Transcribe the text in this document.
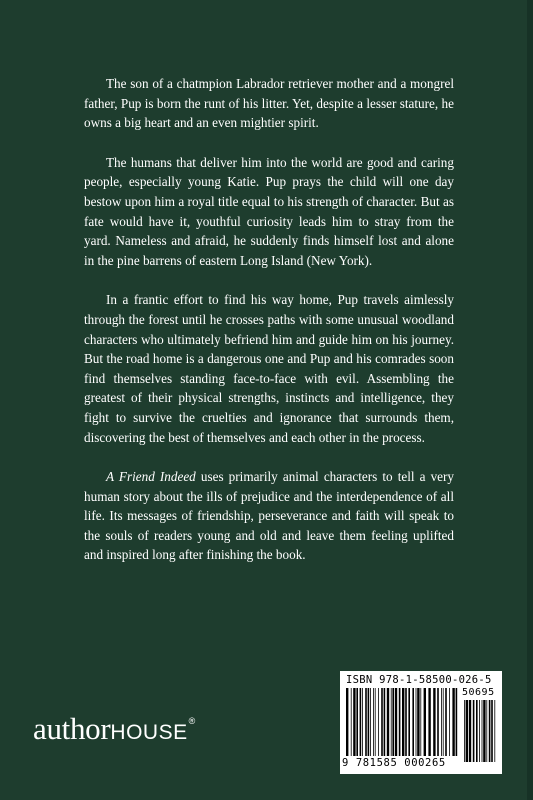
The son of a chatmpion Labrador retriever mother and a mongrel father, Pup is born the runt of his litter. Yet, despite a lesser stature, he owns a big heart and an even mightier spirit.

The humans that deliver him into the world are good and caring people, especially young Katie. Pup prays the child will one day bestow upon him a royal title equal to his strength of character. But as fate would have it, youthful curiosity leads him to stray from the yard. Nameless and afraid, he suddenly finds himself lost and alone in the pine barrens of eastern Long Island (New York).

In a frantic effort to find his way home, Pup travels aimlessly through the forest until he crosses paths with some unusual woodland characters who ultimately befriend him and guide him on his journey. But the road home is a dangerous one and Pup and his comrades soon find themselves standing face-to-face with evil. Assembling the greatest of their physical strengths, instincts and intelligence, they fight to survive the cruelties and ignorance that surrounds them, discovering the best of themselves and each other in the process.

A Friend Indeed uses primarily animal characters to tell a very human story about the ills of prejudice and the interdependence of all life. Its messages of friendship, perseverance and faith will speak to the souls of readers young and old and leave them feeling uplifted and inspired long after finishing the book.

authorHOUSE®
ISBN 978-1-58500-026-5
50695
9 781585 000265
